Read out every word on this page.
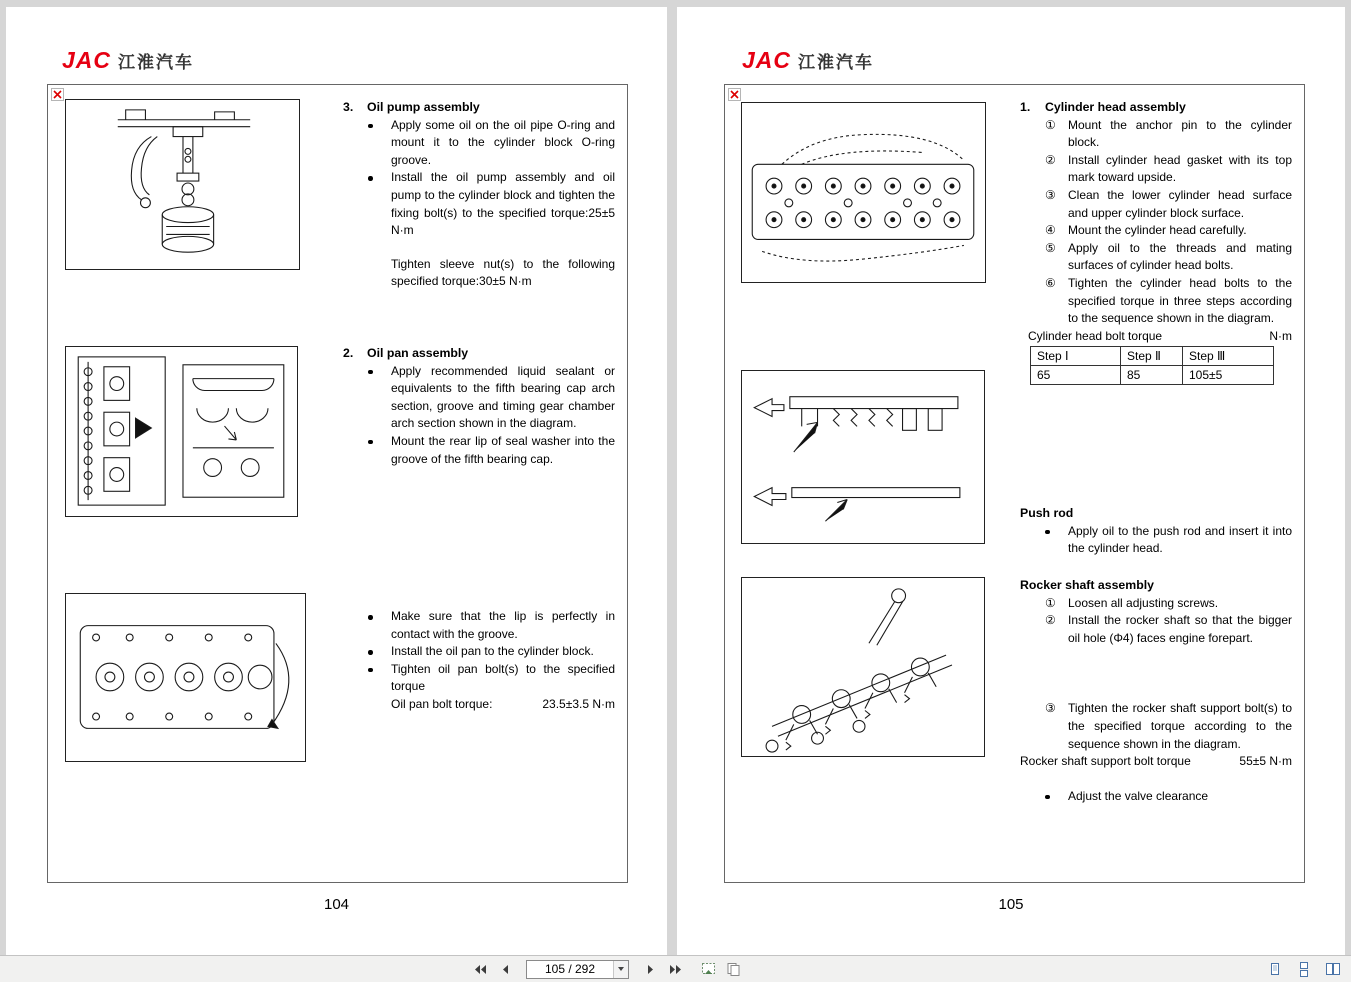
JAC 江淮汽车
3.	Oil pump assembly
Apply some oil on the oil pipe O-ring and mount it to the cylinder block O-ring groove.
Install the oil pump assembly and oil pump to the cylinder block and tighten the fixing bolt(s) to the specified torque:25±5 N·m
Tighten sleeve nut(s) to the following specified torque:30±5 N·m
2.	Oil pan assembly
Apply recommended liquid sealant or equivalents to the fifth bearing cap arch section, groove and timing gear chamber arch section shown in the diagram.
Mount the rear lip of seal washer into the groove of the fifth bearing cap.
Make sure that the lip is perfectly in contact with the groove.
Install the oil pan to the cylinder block.
Tighten oil pan bolt(s) to the specified torque
Oil pan bolt torque:	23.5±3.5 N·m
104
JAC 江淮汽车
1.	Cylinder head assembly
①	Mount the anchor pin to the cylinder block.
②	Install cylinder head gasket with its top mark toward upside.
③	Clean the lower cylinder head surface and upper cylinder block surface.
④	Mount the cylinder head carefully.
⑤	Apply oil to the threads and mating surfaces of cylinder head bolts.
⑥	Tighten the cylinder head bolts to the specified torque in three steps according to the sequence shown in the diagram.
Cylinder head bolt torque	N·m
Step Ⅰ	Step Ⅱ	Step Ⅲ
65	85	105±5
Push rod
Apply oil to the push rod and insert it into the cylinder head.
Rocker shaft assembly
①	Loosen all adjusting screws.
②	Install the rocker shaft so that the bigger oil hole (Φ4) faces engine forepart.
③	Tighten the rocker shaft support bolt(s) to the specified torque according to the sequence shown in the diagram.
Rocker shaft support bolt torque	55±5 N·m
Adjust the valve clearance
105
105 / 292
